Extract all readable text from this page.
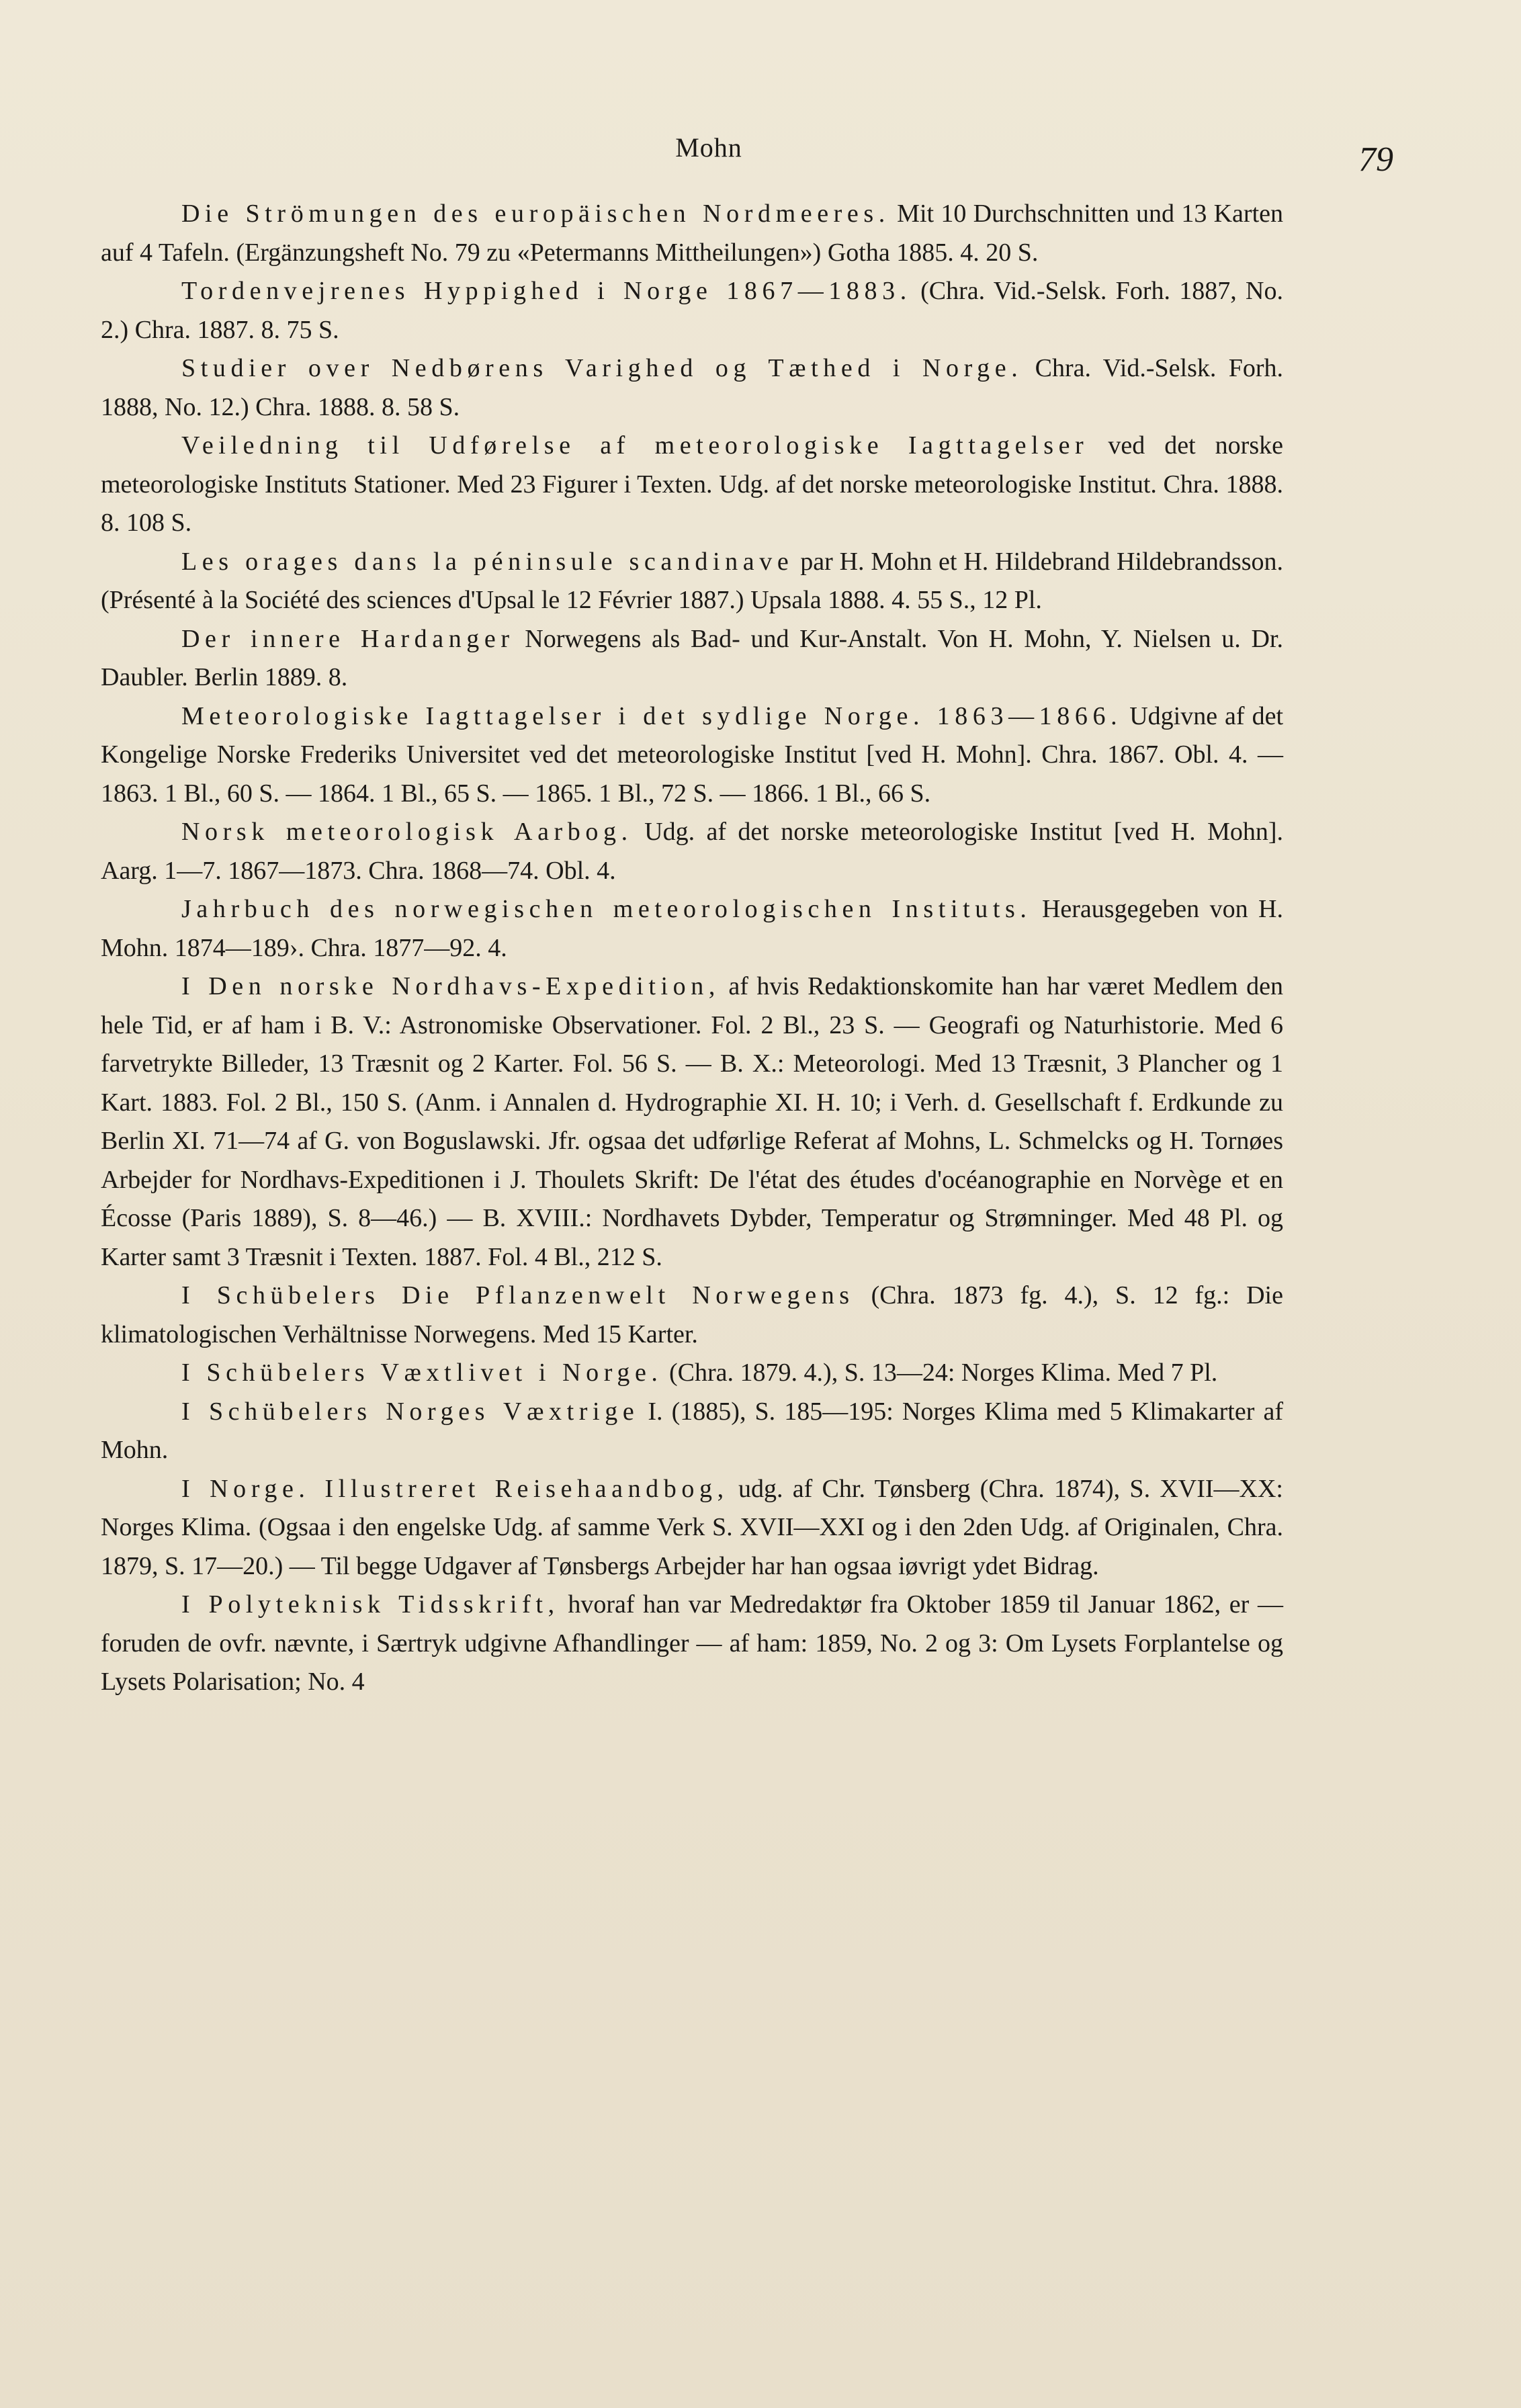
Mohn	79

Die Strömungen des europäischen Nordmeeres. Mit 10 Durchschnitten und 13 Karten auf 4 Tafeln. (Ergänzungsheft No. 79 zu «Petermanns Mittheilungen») Gotha 1885. 4. 20 S.

Tordenvejrenes Hyppighed i Norge 1867—1883. (Chra. Vid.-Selsk. Forh. 1887, No. 2.) Chra. 1887. 8. 75 S.

Studier over Nedbørens Varighed og Tæthed i Norge. Chra. Vid.-Selsk. Forh. 1888, No. 12.) Chra. 1888. 8. 58 S.

Veiledning til Udførelse af meteorologiske Iagttagelser ved det norske meteorologiske Instituts Stationer. Med 23 Figurer i Texten. Udg. af det norske meteorologiske Institut. Chra. 1888. 8. 108 S.

Les orages dans la péninsule scandinave par H. Mohn et H. Hildebrand Hildebrandsson. (Présenté à la Société des sciences d'Upsal le 12 Février 1887.) Upsala 1888. 4. 55 S., 12 Pl.

Der innere Hardanger Norwegens als Bad- und Kur-Anstalt. Von H. Mohn, Y. Nielsen u. Dr. Daubler. Berlin 1889. 8.

Meteorologiske Iagttagelser i det sydlige Norge. 1863—1866. Udgivne af det Kongelige Norske Frederiks Universitet ved det meteorologiske Institut [ved H. Mohn]. Chra. 1867. Obl. 4. — 1863. 1 Bl., 60 S. — 1864. 1 Bl., 65 S. — 1865. 1 Bl., 72 S. — 1866. 1 Bl., 66 S.

Norsk meteorologisk Aarbog. Udg. af det norske meteorologiske Institut [ved H. Mohn]. Aarg. 1—7. 1867—1873. Chra. 1868—74. Obl. 4.

Jahrbuch des norwegischen meteorologischen Instituts. Herausgegeben von H. Mohn. 1874—189›. Chra. 1877—92. 4.

I Den norske Nordhavs-Expedition, af hvis Redaktionskomite han har været Medlem den hele Tid, er af ham i B. V.: Astronomiske Observationer. Fol. 2 Bl., 23 S. — Geografi og Naturhistorie. Med 6 farvetrykte Billeder, 13 Træsnit og 2 Karter. Fol. 56 S. — B. X.: Meteorologi. Med 13 Træsnit, 3 Plancher og 1 Kart. 1883. Fol. 2 Bl., 150 S. (Anm. i Annalen d. Hydrographie XI. H. 10; i Verh. d. Gesellschaft f. Erdkunde zu Berlin XI. 71—74 af G. von Boguslawski. Jfr. ogsaa det udførlige Referat af Mohns, L. Schmelcks og H. Tornøes Arbejder for Nordhavs-Expeditionen i J. Thoulets Skrift: De l'état des études d'océanographie en Norvège et en Écosse (Paris 1889), S. 8—46.) — B. XVIII.: Nordhavets Dybder, Temperatur og Strømninger. Med 48 Pl. og Karter samt 3 Træsnit i Texten. 1887. Fol. 4 Bl., 212 S.

I Schübelers Die Pflanzenwelt Norwegens (Chra. 1873 fg. 4.), S. 12 fg.: Die klimatologischen Verhältnisse Norwegens. Med 15 Karter.

I Schübelers Væxtlivet i Norge. (Chra. 1879. 4.), S. 13—24: Norges Klima. Med 7 Pl.

I Schübelers Norges Væxtrige I. (1885), S. 185—195: Norges Klima med 5 Klimakarter af Mohn.

I Norge. Illustreret Reisehaandbog, udg. af Chr. Tønsberg (Chra. 1874), S. XVII—XX: Norges Klima. (Ogsaa i den engelske Udg. af samme Verk S. XVII—XXI og i den 2den Udg. af Originalen, Chra. 1879, S. 17—20.) — Til begge Udgaver af Tønsbergs Arbejder har han ogsaa iøvrigt ydet Bidrag.

I Polyteknisk Tidsskrift, hvoraf han var Medredaktør fra Oktober 1859 til Januar 1862, er — foruden de ovfr. nævnte, i Særtryk udgivne Afhandlinger — af ham: 1859, No. 2 og 3: Om Lysets Forplantelse og Lysets Polarisation; No. 4
